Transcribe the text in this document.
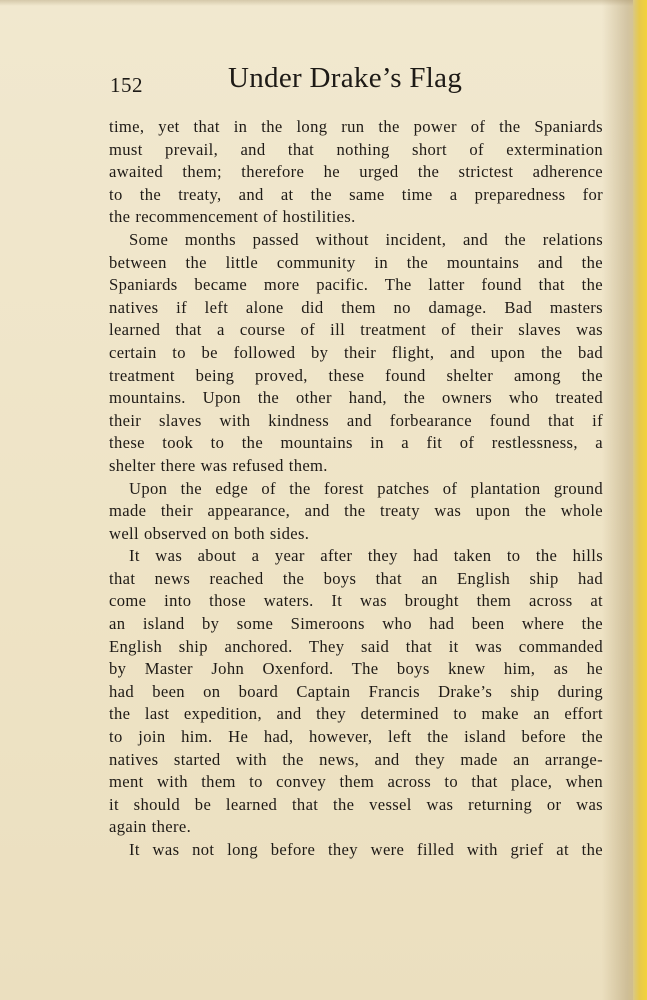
152	Under Drake’s Flag

time, yet that in the long run the power of the Spaniards

must prevail, and that nothing short of extermination

awaited them; therefore he urged the strictest adherence

to the treaty, and at the same time a preparedness for

the recommencement of hostilities.

Some months passed without incident, and the relations

between the little community in the mountains and the

Spaniards became more pacific. The latter found that the

natives if left alone did them no damage. Bad masters

learned that a course of ill treatment of their slaves was

certain to be followed by their flight, and upon the bad

treatment being proved, these found shelter among the

mountains. Upon the other hand, the owners who treated

their slaves with kindness and forbearance found that if

these took to the mountains in a fit of restlessness, a

shelter there was refused them.

Upon the edge of the forest patches of plantation ground

made their appearance, and the treaty was upon the whole

well observed on both sides.

It was about a year after they had taken to the hills

that news reached the boys that an English ship had

come into those waters. It was brought them across at

an island by some Simeroons who had been where the

English ship anchored. They said that it was commanded

by Master John Oxenford. The boys knew him, as he

had been on board Captain Francis Drake’s ship during

the last expedition, and they determined to make an effort

to join him. He had, however, left the island before the

natives started with the news, and they made an arrange-

ment with them to convey them across to that place, when

it should be learned that the vessel was returning or was

again there.

It was not long before they were filled with grief at the
